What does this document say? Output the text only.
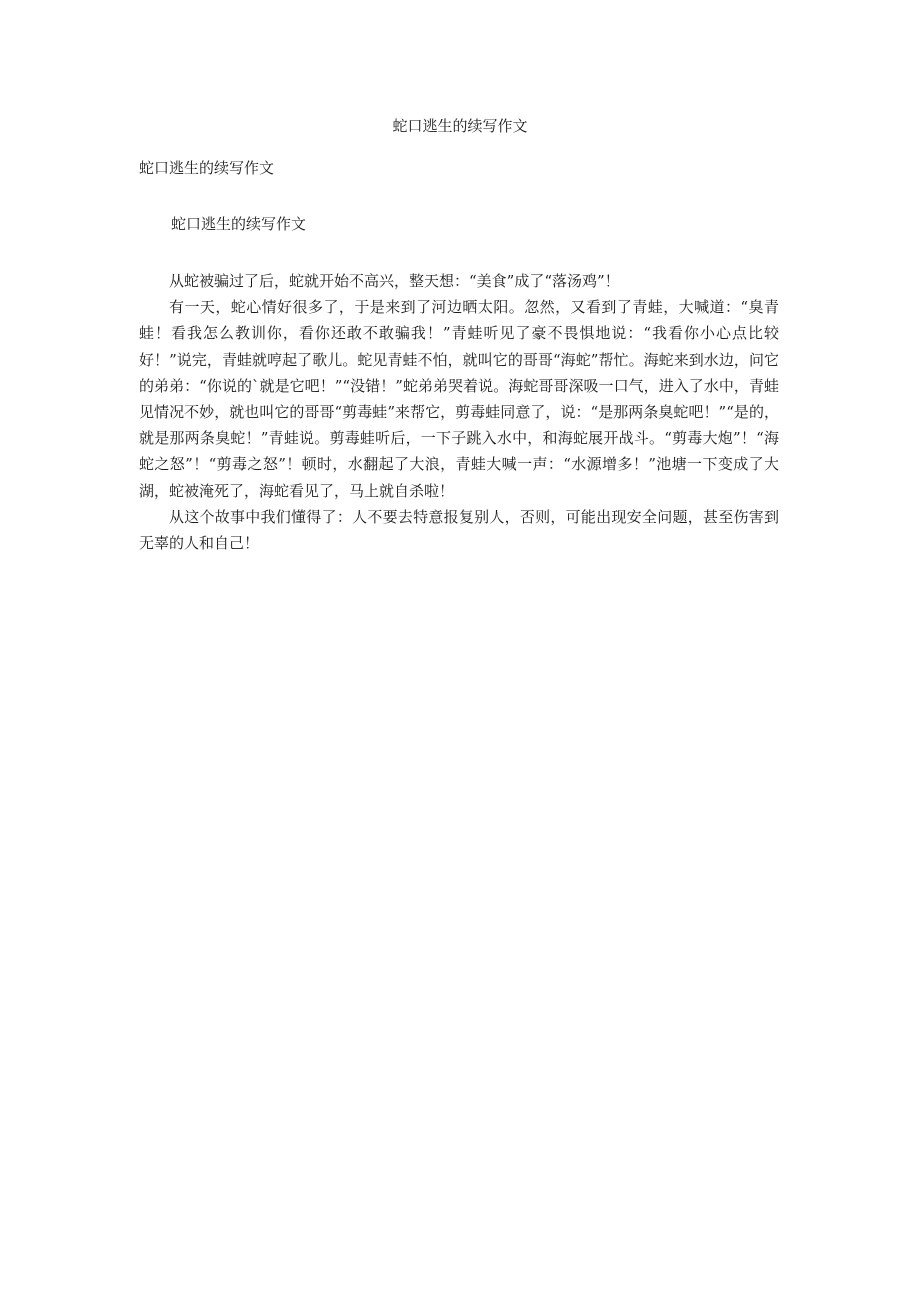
蛇口逃生的续写作文
蛇口逃生的续写作文
蛇口逃生的续写作文

从蛇被骗过了后，蛇就开始不高兴，整天想：“美食”成了“落汤鸡”！

有一天，蛇心情好很多了，于是来到了河边晒太阳。忽然，又看到了青蛙，大喊道：“臭青蛙！看我怎么教训你，看你还敢不敢骗我！”青蛙听见了豪不畏惧地说：“我看你小心点比较好！”说完，青蛙就哼起了歌儿。蛇见青蛙不怕，就叫它的哥哥“海蛇”帮忙。海蛇来到水边，问它的弟弟：“你说的`就是它吧！”“没错！”蛇弟弟哭着说。海蛇哥哥深吸一口气，进入了水中，青蛙见情况不妙，就也叫它的哥哥“剪毒蛙”来帮它，剪毒蛙同意了，说：“是那两条臭蛇吧！”“是的，就是那两条臭蛇！”青蛙说。剪毒蛙听后，一下子跳入水中，和海蛇展开战斗。“剪毒大炮”！“海蛇之怒”！“剪毒之怒”！顿时，水翻起了大浪，青蛙大喊一声：“水源增多！”池塘一下变成了大湖，蛇被淹死了，海蛇看见了，马上就自杀啦！

从这个故事中我们懂得了：人不要去特意报复别人，否则，可能出现安全问题，甚至伤害到无辜的人和自己！
